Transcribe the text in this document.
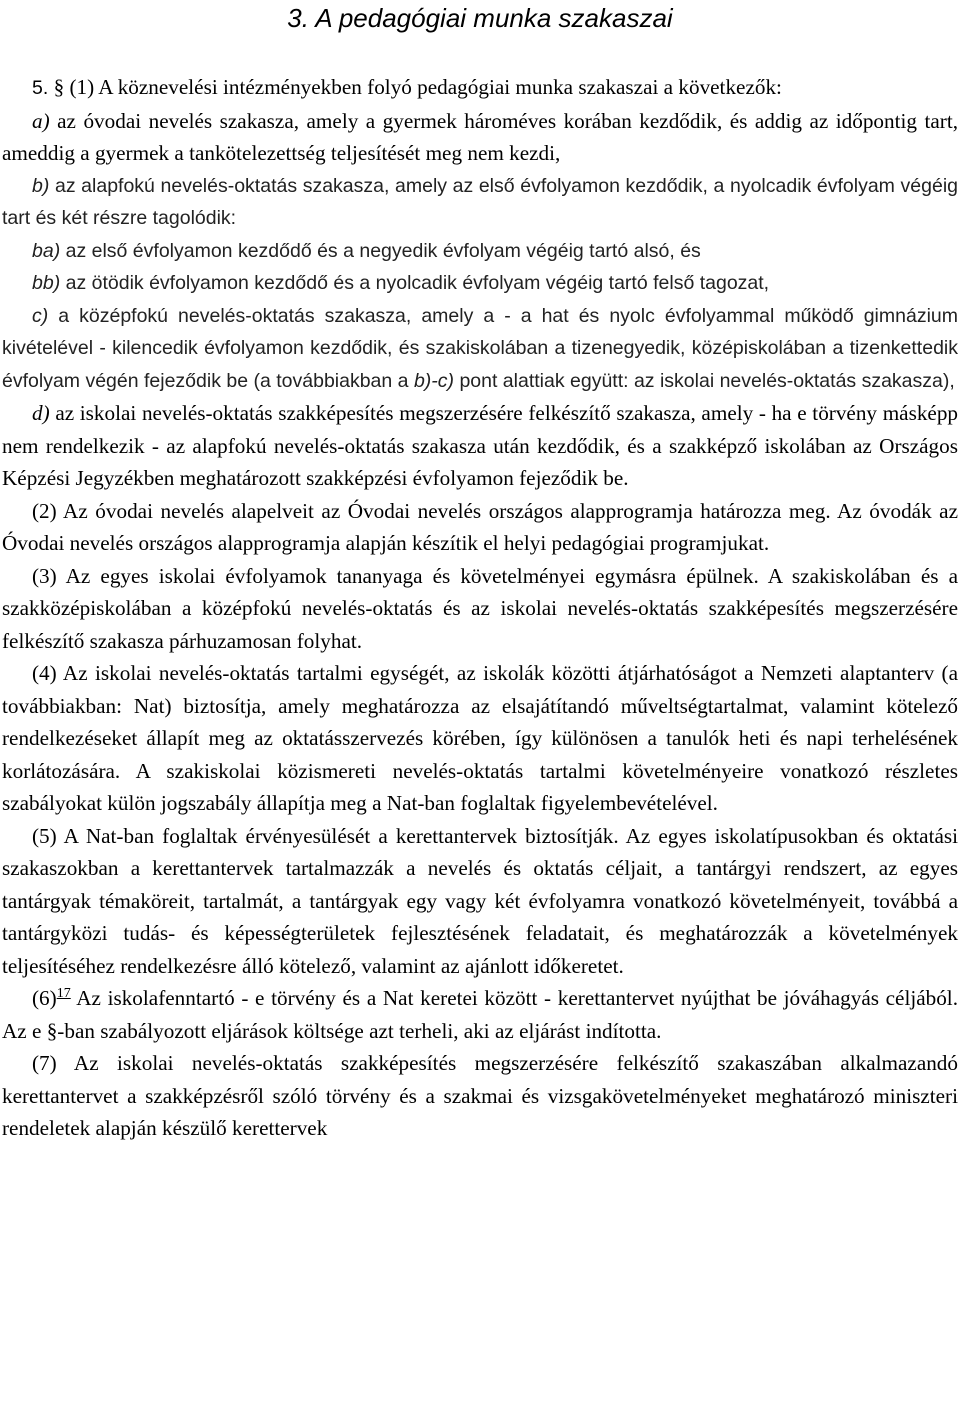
3. A pedagógiai munka szakaszai

5. § (1) A köznevelési intézményekben folyó pedagógiai munka szakaszai a következők:

a) az óvodai nevelés szakasza, amely a gyermek hároméves korában kezdődik, és addig az időpontig tart, ameddig a gyermek a tankötelezettség teljesítését meg nem kezdi,

b) az alapfokú nevelés-oktatás szakasza, amely az első évfolyamon kezdődik, a nyolcadik évfolyam végéig tart és két részre tagolódik:

ba) az első évfolyamon kezdődő és a negyedik évfolyam végéig tartó alsó, és

bb) az ötödik évfolyamon kezdődő és a nyolcadik évfolyam végéig tartó felső tagozat,

c) a középfokú nevelés-oktatás szakasza, amely a - a hat és nyolc évfolyammal működő gimnázium kivételével - kilencedik évfolyamon kezdődik, és szakiskolában a tizenegyedik, középiskolában a tizenkettedik évfolyam végén fejeződik be (a továbbiakban a b)-c) pont alattiak együtt: az iskolai nevelés-oktatás szakasza),

d) az iskolai nevelés-oktatás szakképesítés megszerzésére felkészítő szakasza, amely - ha e törvény másképp nem rendelkezik - az alapfokú nevelés-oktatás szakasza után kezdődik, és a szakképző iskolában az Országos Képzési Jegyzékben meghatározott szakképzési évfolyamon fejeződik be.

(2) Az óvodai nevelés alapelveit az Óvodai nevelés országos alapprogramja határozza meg. Az óvodák az Óvodai nevelés országos alapprogramja alapján készítik el helyi pedagógiai programjukat.

(3) Az egyes iskolai évfolyamok tananyaga és követelményei egymásra épülnek. A szakiskolában és a szakközépiskolában a középfokú nevelés-oktatás és az iskolai nevelés-oktatás szakképesítés megszerzésére felkészítő szakasza párhuzamosan folyhat.

(4) Az iskolai nevelés-oktatás tartalmi egységét, az iskolák közötti átjárhatóságot a Nemzeti alaptanterv (a továbbiakban: Nat) biztosítja, amely meghatározza az elsajátítandó műveltségtartalmat, valamint kötelező rendelkezéseket állapít meg az oktatásszervezés körében, így különösen a tanulók heti és napi terhelésének korlátozására. A szakiskolai közismereti nevelés-oktatás tartalmi követelményeire vonatkozó részletes szabályokat külön jogszabály állapítja meg a Nat-ban foglaltak figyelembevételével.

(5) A Nat-ban foglaltak érvényesülését a kerettantervek biztosítják. Az egyes iskolatípusokban és oktatási szakaszokban a kerettantervek tartalmazzák a nevelés és oktatás céljait, a tantárgyi rendszert, az egyes tantárgyak témaköreit, tartalmát, a tantárgyak egy vagy két évfolyamra vonatkozó követelményeit, továbbá a tantárgyközi tudás- és képességterületek fejlesztésének feladatait, és meghatározzák a követelmények teljesítéséhez rendelkezésre álló kötelező, valamint az ajánlott időkeretet.

(6)$^{17}$ Az iskolafenntartó - e törvény és a Nat keretei között - kerettantervet nyújthat be jóváhagyás céljából. Az e §-ban szabályozott eljárások költsége azt terheli, aki az eljárást indította.

(7) Az iskolai nevelés-oktatás szakképesítés megszerzésére felkészítő szakaszában alkalmazandó kerettantervet a szakképzésről szóló törvény és a szakmai és vizsgakövetelményeket meghatározó miniszteri rendeletek alapján készülő kerettervek
